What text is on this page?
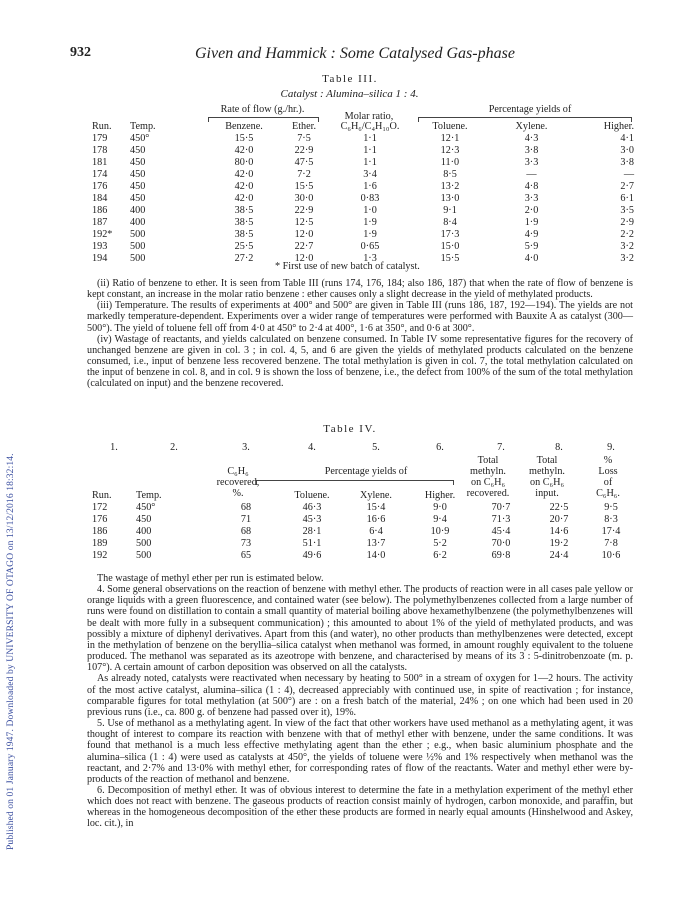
Published on 01 January 1947. Downloaded by UNIVERSITY OF OTAGO on 13/12/2016 18:32:14.
932	Given and Hammick : Some Catalysed Gas-phase
Table III.
Catalyst : Alumina–silica 1 : 4.
Rate of flow (g./hr.).
Molar ratio,
Percentage yields of
Run.	Temp.	Benzene.	Ether.	C₆H₆/C₄H₁₀O.	Toluene.	Xylene.	Higher.
179	450°	15·5	7·5	1·1	12·1	4·3	4·1
178	450	42·0	22·9	1·1	12·3	3·8	3·0
181	450	80·0	47·5	1·1	11·0	3·3	3·8
174	450	42·0	7·2	3·4	8·5	—	—
176	450	42·0	15·5	1·6	13·2	4·8	2·7
184	450	42·0	30·0	0·83	13·0	3·3	6·1
186	400	38·5	22·9	1·0	9·1	2·0	3·5
187	400	38·5	12·5	1·9	8·4	1·9	2·9
192*	500	38·5	12·0	1·9	17·3	4·9	2·2
193	500	25·5	22·7	0·65	15·0	5·9	3·2
194	500	27·2	12·0	1·3	15·5	4·0	3·2
* First use of new batch of catalyst.

(ii) Ratio of benzene to ether. It is seen from Table III (runs 174, 176, 184; also 186, 187) that when the rate of flow of benzene is kept constant, an increase in the molar ratio benzene : ether causes only a slight decrease in the yield of methylated products.

(iii) Temperature. The results of experiments at 400° and 500° are given in Table III (runs 186, 187, 192—194). The yields are not markedly temperature-dependent. Experiments over a wider range of temperatures were performed with Bauxite A as catalyst (300—500°). The yield of toluene fell off from 4·0 at 450° to 2·4 at 400°, 1·6 at 350°, and 0·6 at 300°.

(iv) Wastage of reactants, and yields calculated on benzene consumed. In Table IV some representative figures for the recovery of unchanged benzene are given in col. 3 ; in col. 4, 5, and 6 are given the yields of methylated products calculated on the benzene consumed, i.e., input of benzene less recovered benzene. The total methylation is given in col. 7, the total methylation calculated on the input of benzene in col. 8, and in col. 9 is shown the loss of benzene, i.e., the defect from 100% of the sum of the total methylation (calculated on input) and the benzene recovered.

Table IV.
1.	2.	3.	4.	5.	6.	7.	8.	9.
C₆H₆
recovered,
%.
Percentage yields of
Total
methyln.
on C₆H₆
recovered.
Total
methyln.
on C₆H₆
input.
%
Loss
of
C₆H₆.
Run.	Temp.		Toluene.	Xylene.	Higher.			
172	450°	68	46·3	15·4	9·0	70·7	22·5	9·5
176	450	71	45·3	16·6	9·4	71·3	20·7	8·3
186	400	68	28·1	6·4	10·9	45·4	14·6	17·4
189	500	73	51·1	13·7	5·2	70·0	19·2	7·8
192	500	65	49·6	14·0	6·2	69·8	24·4	10·6

The wastage of methyl ether per run is estimated below.

4. Some general observations on the reaction of benzene with methyl ether. The products of reaction were in all cases pale yellow or orange liquids with a green fluorescence, and contained water (see below). The polymethylbenzenes collected from a large number of runs were found on distillation to contain a small quantity of material boiling above hexamethylbenzene (the polymethylbenzenes will be dealt with more fully in a subsequent communication) ; this amounted to about 1% of the yield of methylated products, and was possibly a mixture of diphenyl derivatives. Apart from this (and water), no other products than methylbenzenes were detected, except in the methylation of benzene on the beryllia–silica catalyst when methanol was formed, in amount roughly equivalent to the toluene produced. The methanol was separated as its azeotrope with benzene, and characterised by means of its 3 : 5-dinitrobenzoate (m. p. 107°). A certain amount of carbon deposition was observed on all the catalysts.

As already noted, catalysts were reactivated when necessary by heating to 500° in a stream of oxygen for 1—2 hours. The activity of the most active catalyst, alumina–silica (1 : 4), decreased appreciably with continued use, in spite of reactivation ; for instance, comparable figures for total methylation (at 500°) are : on a fresh batch of the material, 24% ; on one which had been used in 20 previous runs (i.e., ca. 800 g. of benzene had passed over it), 19%.

5. Use of methanol as a methylating agent. In view of the fact that other workers have used methanol as a methylating agent, it was thought of interest to compare its reaction with benzene with that of methyl ether with benzene, under the same conditions. It was found that methanol is a much less effective methylating agent than the ether ; e.g., when basic aluminium phosphate and the alumina–silica (1 : 4) were used as catalysts at 450°, the yields of toluene were ½% and 1% respectively when methanol was the reactant, and 2·7% and 13·0% with methyl ether, for corresponding rates of flow of the reactants. Water and methyl ether were by-products of the reaction of methanol and benzene.

6. Decomposition of methyl ether. It was of obvious interest to determine the fate in a methylation experiment of the methyl ether which does not react with benzene. The gaseous products of reaction consist mainly of hydrogen, carbon monoxide, and paraffin, but whereas in the homogeneous decomposition of the ether these products are formed in nearly equal amounts (Hinshelwood and Askey, loc. cit.), in
